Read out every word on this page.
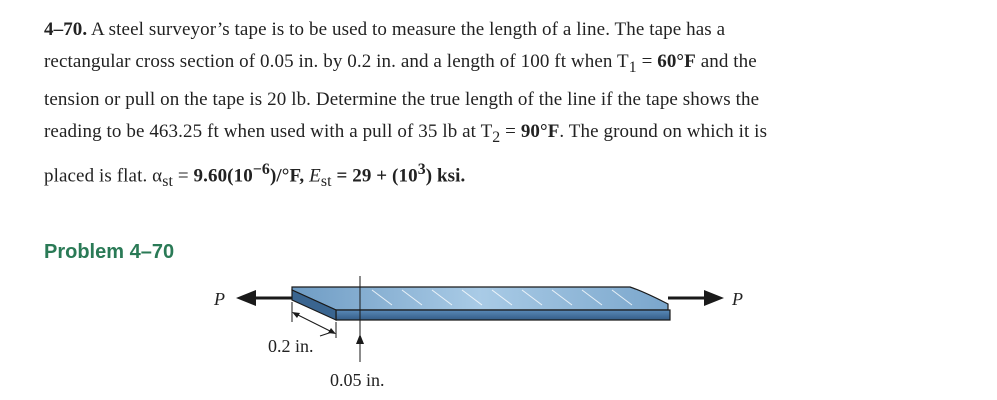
4–70. A steel surveyor’s tape is to be used to measure the length of a line. The tape has a
rectangular cross section of 0.05 in. by 0.2 in. and a length of 100 ft when $T_1 = 60^\circ F$ and the
tension or pull on the tape is 20 lb. Determine the true length of the line if the tape shows the
reading to be 463.25 ft when used with a pull of 35 lb at $T_2 = 90^\circ F$. The ground on which it is
placed is flat. $\alpha_{st} = 9.60(10^{-6})/^\circ F$, $E_{st} = 29 + (10^3)$ ksi.
Problem 4–70
P	P
0.2 in.
0.05 in.
